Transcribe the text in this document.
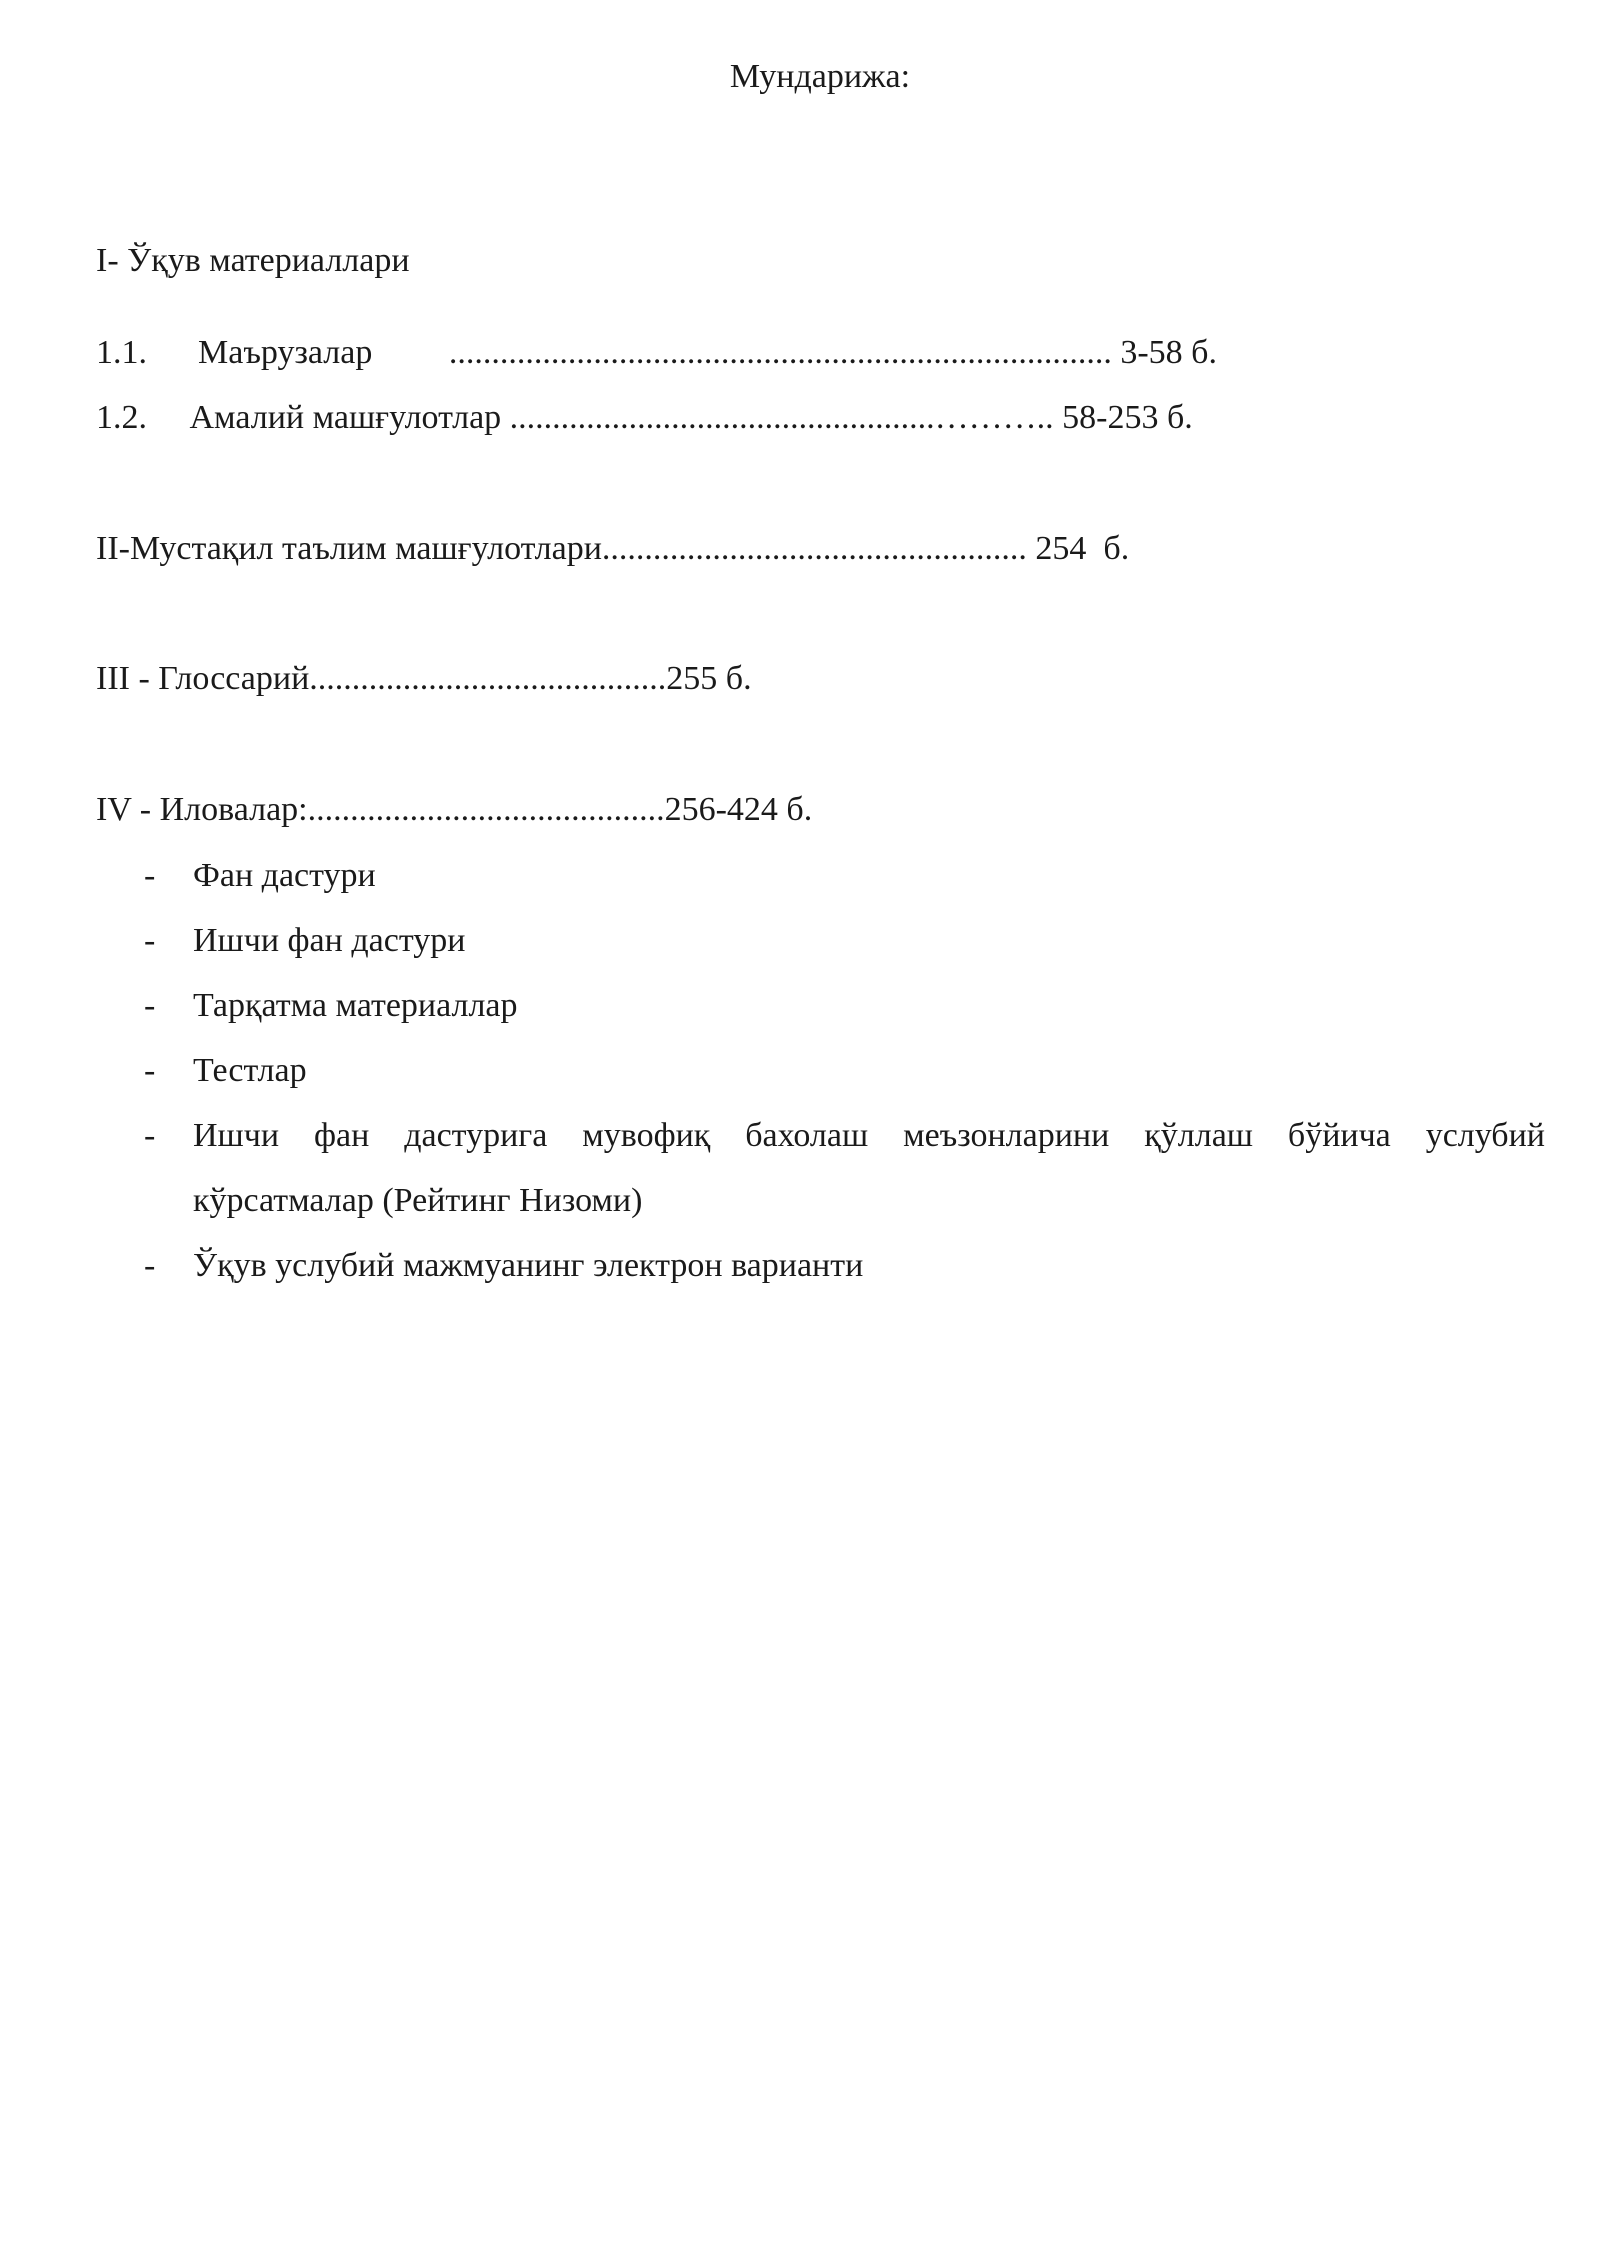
Мундарижа:
I- Ўқув материаллари
1.1.      Маърузалар         .............................................................................. 3-58 б.
1.2.     Амалий машғулотлар ..................................................……….. 58-253 б.
II-Мустақил таълим машғулотлари.................................................. 254  б.
III - Глоссарий..........................................255 б.
IV - Иловалар:..........................................256-424 б.
- Фан дастури
- Ишчи фан дастури
- Тарқатма материаллар
- Тестлар
- Ишчи фан дастурига мувофиқ бахолаш меъзонларини қўллаш бўйича услубий
кўрсатмалар (Рейтинг Низоми)
- Ўқув услубий мажмуанинг электрон варианти
